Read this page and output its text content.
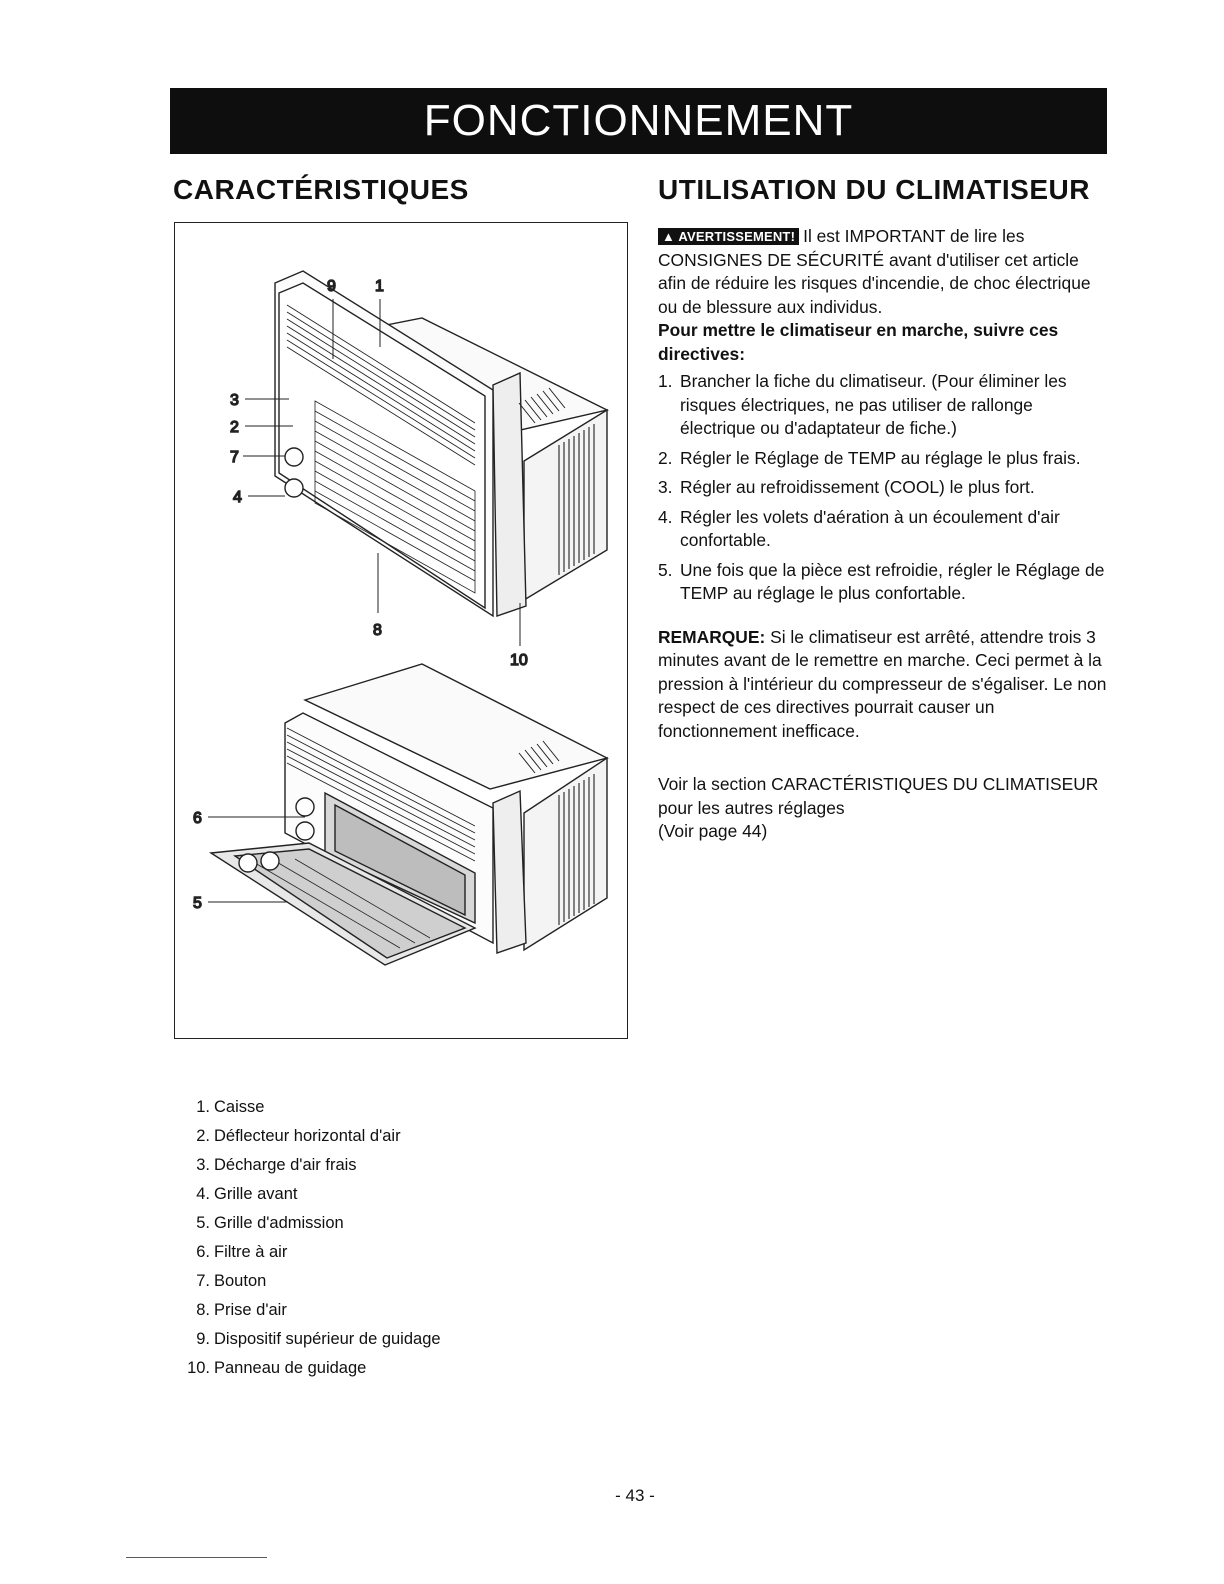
FONCTIONNEMENT
CARACTÉRISTIQUES	UTILISATION DU CLIMATISEUR
9 1
3
2
7
4
8
10
6
5
▲ AVERTISSEMENT! Il est IMPORTANT de lire les CONSIGNES DE SÉCURITÉ avant d'utiliser cet article afin de réduire les risques d'incendie, de choc électrique ou de blessure aux individus.
Pour mettre le climatiseur en marche, suivre ces directives:
1. Brancher la fiche du climatiseur. (Pour éliminer les risques électriques, ne pas utiliser de rallonge électrique ou d'adaptateur de fiche.)
2. Régler le Réglage de TEMP au réglage le plus frais.
3. Régler au refroidissement (COOL) le plus fort.
4. Régler les volets d'aération à un écoulement d'air confortable.
5. Une fois que la pièce est refroidie, régler le Réglage de TEMP au réglage le plus confortable.
REMARQUE: Si le climatiseur est arrêté, attendre trois 3 minutes avant de le remettre en marche. Ceci permet à la pression à l'intérieur du compresseur de s'égaliser. Le non respect de ces directives pourrait causer un fonctionnement inefficace.
Voir la section CARACTÉRISTIQUES DU CLIMATISEUR pour les autres réglages
(Voir page 44)
1. Caisse
2. Déflecteur horizontal d'air
3. Décharge d'air frais
4. Grille avant
5. Grille d'admission
6. Filtre à air
7. Bouton
8. Prise d'air
9. Dispositif supérieur de guidage
10. Panneau de guidage
- 43 -
